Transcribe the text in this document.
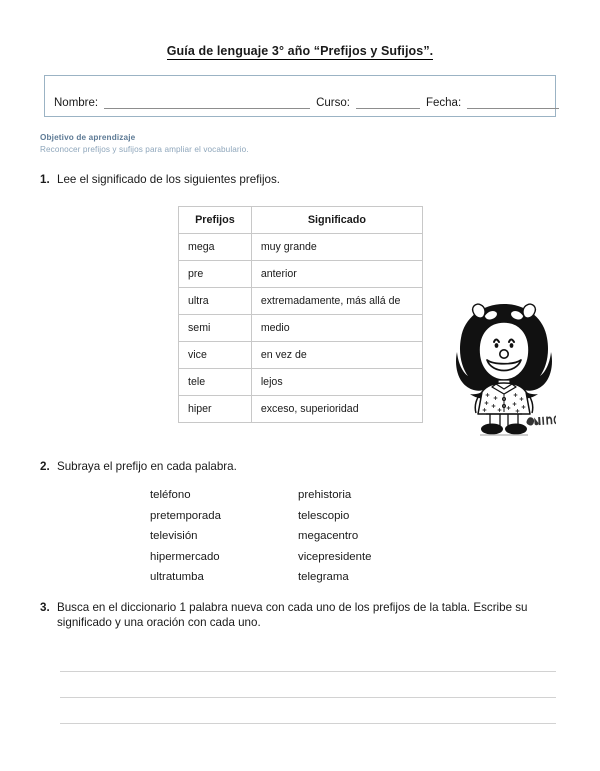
Guía de lenguaje 3° año “Prefijos y Sufijos”.
Nombre:	Curso:	Fecha:
Objetivo de aprendizaje
Reconocer prefijos y sufijos para ampliar el vocabulario.
1. Lee el significado de los siguientes prefijos.
Prefijos	Significado
mega	muy grande
pre	anterior
ultra	extremadamente, más allá de
semi	medio
vice	en vez de
tele	lejos
hiper	exceso, superioridad
2. Subraya el prefijo en cada palabra.
teléfono
pretemporada
televisión
hipermercado
ultratumba
prehistoria
telescopio
megacentro
vicepresidente
telegrama
3. Busca en el diccionario 1 palabra nueva con cada uno de los prefijos de la tabla. Escribe su significado y una oración con cada uno.
